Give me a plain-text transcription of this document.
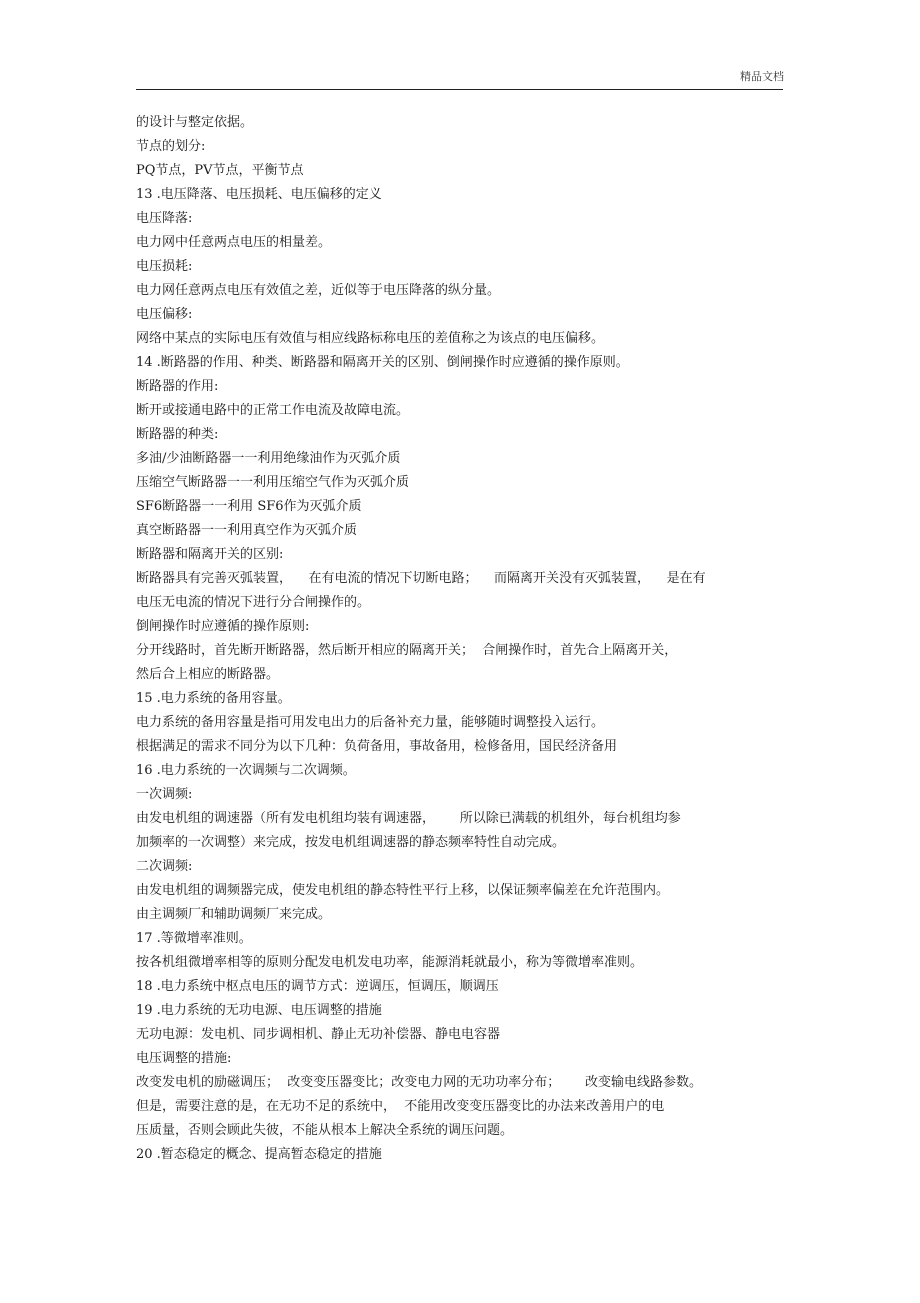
精品文档
的设计与整定依据。
节点的划分:
PQ节点，PV节点，平衡节点
13 .电压降落、电压损耗、电压偏移的定义
电压降落:
电力网中任意两点电压的相量差。
电压损耗:
电力网任意两点电压有效值之差，近似等于电压降落的纵分量。
电压偏移:
网络中某点的实际电压有效值与相应线路标称电压的差值称之为该点的电压偏移。
14 .断路器的作用、种类、断路器和隔离开关的区别、倒闸操作时应遵循的操作原则。
断路器的作用:
断开或接通电路中的正常工作电流及故障电流。
断路器的种类:
多油/少油断路器一一利用绝缘油作为灭弧介质
压缩空气断路器一一利用压缩空气作为灭弧介质
SF6断路器一一利用 SF6作为灭弧介质
真空断路器一一利用真空作为灭弧介质
断路器和隔离开关的区别:
断路器具有完善灭弧装置，    在有电流的情况下切断电路；    而隔离开关没有灭弧装置，    是在有
电压无电流的情况下进行分合闸操作的。
倒闸操作时应遵循的操作原则:
分开线路时，首先断开断路器，然后断开相应的隔离开关；  合闸操作时，首先合上隔离开关，
然后合上相应的断路器。
15 .电力系统的备用容量。
电力系统的备用容量是指可用发电出力的后备补充力量，能够随时调整投入运行。
根据满足的需求不同分为以下几种：负荷备用，事故备用，检修备用，国民经济备用
16 .电力系统的一次调频与二次调频。
一次调频:
由发电机组的调速器（所有发电机组均装有调速器，      所以除已满载的机组外，每台机组均参
加频率的一次调整）来完成，按发电机组调速器的静态频率特性自动完成。
二次调频:
由发电机组的调频器完成，使发电机组的静态特性平行上移，以保证频率偏差在允许范围内。
由主调频厂和辅助调频厂来完成。
17 .等微增率准则。
按各机组微增率相等的原则分配发电机发电功率，能源消耗就最小，称为等微增率准则。
18 .电力系统中枢点电压的调节方式：逆调压，恒调压，顺调压
19 .电力系统的无功电源、电压调整的措施
无功电源：发电机、同步调相机、静止无功补偿器、静电电容器
电压调整的措施:
改变发电机的励磁调压；  改变变压器变比；改变电力网的无功功率分布；      改变输电线路参数。
但是，需要注意的是，在无功不足的系统中，  不能用改变变压器变比的办法来改善用户的电
压质量，否则会顾此失彼，不能从根本上解决全系统的调压问题。
20 .暂态稳定的概念、提高暂态稳定的措施
